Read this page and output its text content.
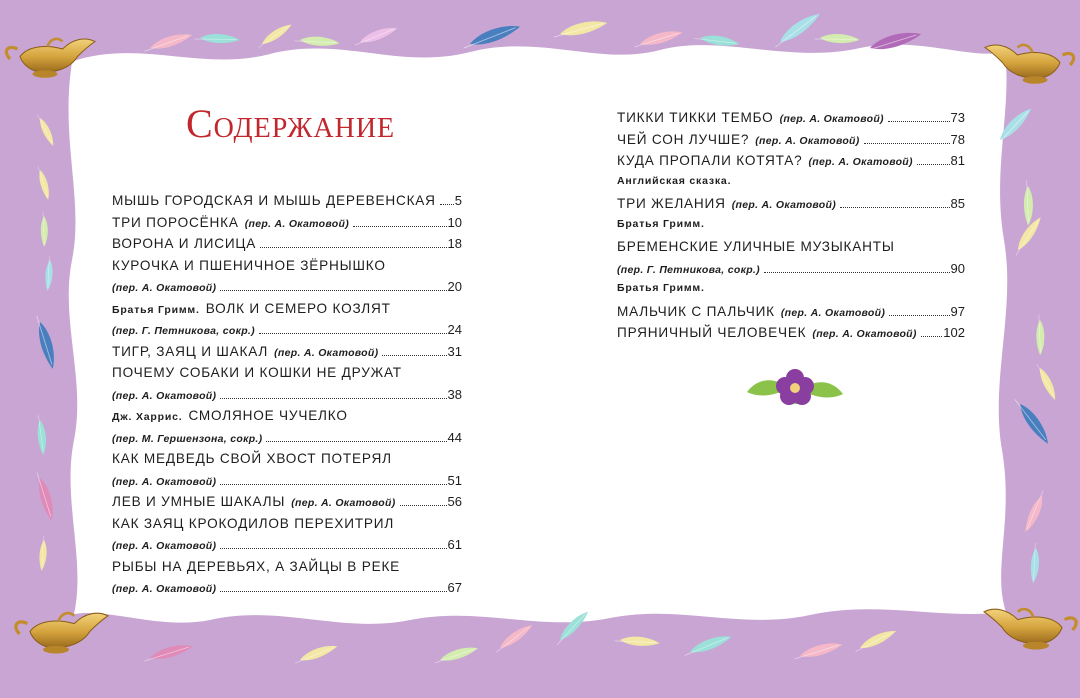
Содержание
МЫШЬ ГОРОДСКАЯ И МЫШЬ ДЕРЕВЕНСКАЯ 5
ТРИ ПОРОСЁНКА (пер. А. Окатовой)	10
ВОРОНА И ЛИСИЦА	18
КУРОЧКА И ПШЕНИЧНОЕ ЗЁРНЫШКО
(пер. А. Окатовой)	20
Братья Гримм. ВОЛК И СЕМЕРО КОЗЛЯТ
(пер. Г. Петникова, сокр.)	24
ТИГР, ЗАЯЦ И ШАКАЛ (пер. А. Окатовой)	31
ПОЧЕМУ СОБАКИ И КОШКИ НЕ ДРУЖАТ
(пер. А. Окатовой)	38
Дж. Харрис. СМОЛЯНОЕ ЧУЧЕЛКО
(пер. М. Гершензона, сокр.)	44
КАК МЕДВЕДЬ СВОЙ ХВОСТ ПОТЕРЯЛ
(пер. А. Окатовой)	51
ЛЕВ И УМНЫЕ ШАКАЛЫ (пер. А. Окатовой)	56
КАК ЗАЯЦ КРОКОДИЛОВ ПЕРЕХИТРИЛ
(пер. А. Окатовой)	61
РЫБЫ НА ДЕРЕВЬЯХ, А ЗАЙЦЫ В РЕКЕ
(пер. А. Окатовой)	67
ТИККИ ТИККИ ТЕМБО (пер. А. Окатовой)	73
ЧЕЙ СОН ЛУЧШЕ? (пер. А. Окатовой)	78
КУДА ПРОПАЛИ КОТЯТА? (пер. А. Окатовой)	81
Английская сказка.
ТРИ ЖЕЛАНИЯ (пер. А. Окатовой)	85
Братья Гримм.
БРЕМЕНСКИЕ УЛИЧНЫЕ МУЗЫКАНТЫ
(пер. Г. Петникова, сокр.)	90
Братья Гримм.
МАЛЬЧИК С ПАЛЬЧИК (пер. А. Окатовой)	97
ПРЯНИЧНЫЙ ЧЕЛОВЕЧЕК (пер. А. Окатовой) 102
